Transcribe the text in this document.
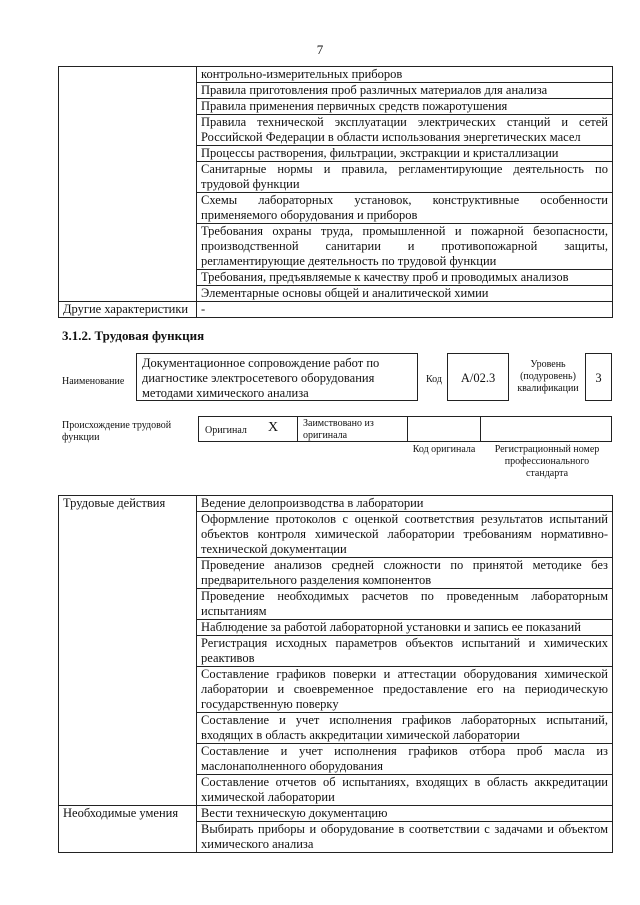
7
	контрольно-измерительных приборов
	Правила приготовления проб различных материалов для анализа
	Правила применения первичных средств пожаротушения
	Правила технической эксплуатации электрических станций и сетей Российской Федерации в области использования энергетических масел
	Процессы растворения, фильтрации, экстракции и кристаллизации
	Санитарные нормы и правила, регламентирующие деятельность по трудовой функции
	Схемы лабораторных установок, конструктивные особенности применяемого оборудования и приборов
	Требования охраны труда, промышленной и пожарной безопасности, производственной санитарии и противопожарной защиты, регламентирующие деятельность по трудовой функции
	Требования, предъявляемые к качеству проб и проводимых анализов
	Элементарные основы общей и аналитической химии
Другие характеристики	-
3.1.2. Трудовая функция
Наименование
Документационное сопровождение работ по диагностике электросетевого оборудования методами химического анализа
Код	А/02.3
Уровень (подуровень) квалификации
3
Происхождение трудовой функции
Оригинал X Заимствовано из оригинала
Код оригинала	Регистрационный номер профессионального стандарта
Трудовые действия	Ведение делопроизводства в лаборатории
	Оформление протоколов с оценкой соответствия результатов испытаний объектов контроля химической лаборатории требованиям нормативно-технической документации
	Проведение анализов средней сложности по принятой методике без предварительного разделения компонентов
	Проведение необходимых расчетов по проведенным лабораторным испытаниям
	Наблюдение за работой лабораторной установки и запись ее показаний
	Регистрация исходных параметров объектов испытаний и химических реактивов
	Составление графиков поверки и аттестации оборудования химической лаборатории и своевременное предоставление его на периодическую государственную поверку
	Составление и учет исполнения графиков лабораторных испытаний, входящих в область аккредитации химической лаборатории
	Составление и учет исполнения графиков отбора проб масла из маслонаполненного оборудования
	Составление отчетов об испытаниях, входящих в область аккредитации химической лаборатории
Необходимые умения	Вести техническую документацию
	Выбирать приборы и оборудование в соответствии с задачами и объектом химического анализа
